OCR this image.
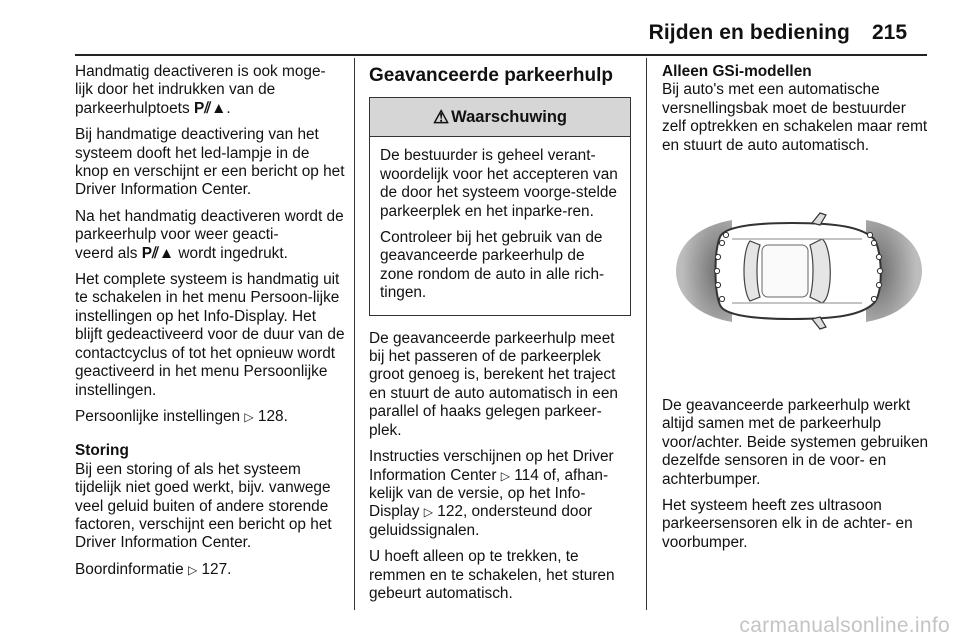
Rijden en bediening 215

Handmatig deactiveren is ook moge-
lijk door het indrukken van de
parkeerhulptoets P⫽▲.

Bij handmatige deactivering van het systeem dooft het led-lampje in de knop en verschijnt er een bericht op het Driver Information Center.

Na het handmatig deactiveren wordt de parkeerhulp voor weer geacti-
veerd als P⫽▲ wordt ingedrukt.

Het complete systeem is handmatig uit te schakelen in het menu Persoon-lijke instellingen op het Info-Display. Het blijft gedeactiveerd voor de duur van de contactcyclus of tot het opnieuw wordt geactiveerd in het menu Persoonlijke instellingen.

Persoonlijke instellingen ▷ 128.

Storing

Bij een storing of als het systeem tijdelijk niet goed werkt, bijv. vanwege veel geluid buiten of andere storende factoren, verschijnt een bericht op het Driver Information Center.

Boordinformatie ▷ 127.

Geavanceerde parkeerhulp
⚠ Waarschuwing

De bestuurder is geheel verant-woordelijk voor het accepteren van de door het systeem voorge-stelde parkeerplek en het inparke-ren.

Controleer bij het gebruik van de geavanceerde parkeerhulp de zone rondom de auto in alle rich-tingen.

De geavanceerde parkeerhulp meet bij het passeren of de parkeerplek groot genoeg is, berekent het traject en stuurt de auto automatisch in een parallel of haaks gelegen parkeer-plek.

Instructies verschijnen op het Driver Information Center ▷ 114 of, afhan- kelijk van de versie, op het Info-Display ▷ 122, ondersteund door geluidssignalen.

U hoeft alleen op te trekken, te remmen en te schakelen, het sturen gebeurt automatisch.

Alleen GSi-modellen

Bij auto's met een automatische versnellingsbak moet de bestuurder zelf optrekken en schakelen maar remt en stuurt de auto automatisch.

De geavanceerde parkeerhulp werkt altijd samen met de parkeerhulp voor/achter. Beide systemen gebruiken dezelfde sensoren in de voor- en achterbumper.

Het systeem heeft zes ultrasoon parkeersensoren elk in de achter- en voorbumper.

carmanualsonline.info
